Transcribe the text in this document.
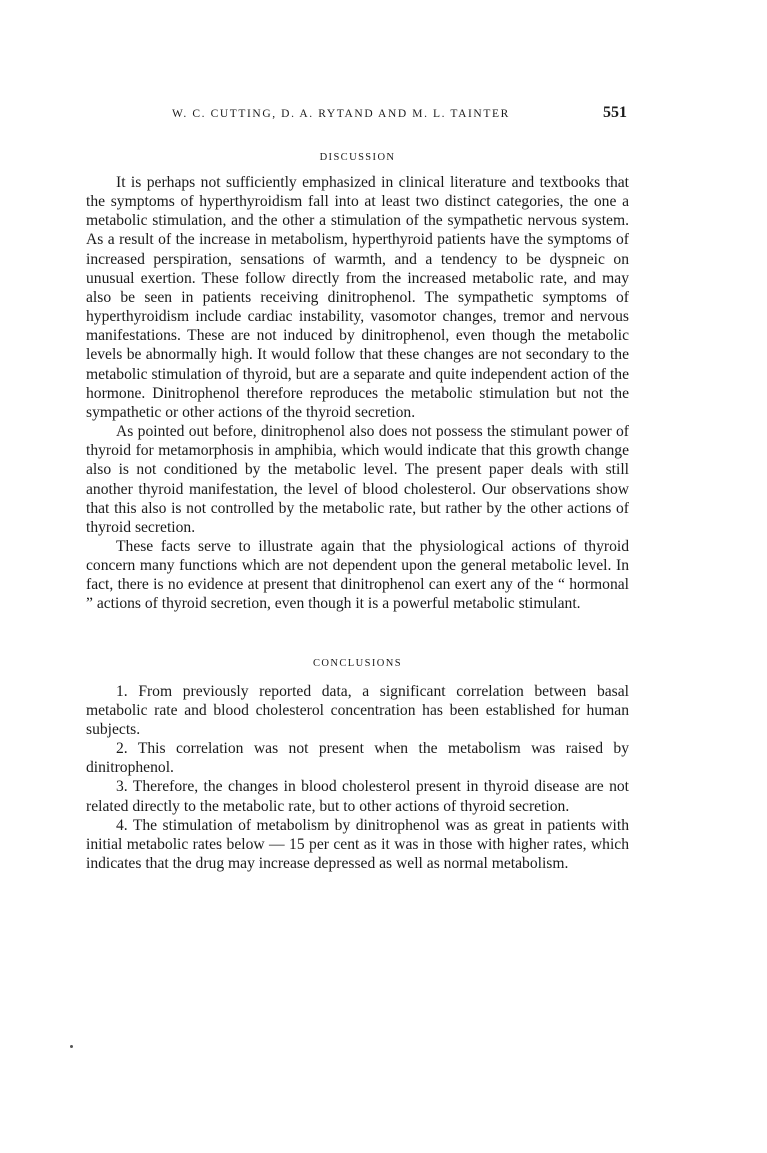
W. C. CUTTING, D. A. RYTAND AND M. L. TAINTER	551
DISCUSSION

It is perhaps not sufficiently emphasized in clinical literature and textbooks that the symptoms of hyperthyroidism fall into at least two distinct categories, the one a metabolic stimulation, and the other a stimulation of the sympathetic nervous system. As a result of the increase in metabolism, hyperthyroid patients have the symptoms of increased perspiration, sensations of warmth, and a tendency to be dyspneic on unusual exertion. These follow directly from the increased metabolic rate, and may also be seen in patients receiving dinitrophenol. The sympathetic symptoms of hyperthyroidism include cardiac instability, vasomotor changes, tremor and nervous manifestations. These are not induced by dinitrophenol, even though the metabolic levels be abnormally high. It would follow that these changes are not secondary to the metabolic stimulation of thyroid, but are a separate and quite independent action of the hormone. Dinitrophenol therefore reproduces the metabolic stimulation but not the sympathetic or other actions of the thyroid secretion.

As pointed out before, dinitrophenol also does not possess the stimulant power of thyroid for metamorphosis in amphibia, which would indicate that this growth change also is not conditioned by the metabolic level. The present paper deals with still another thyroid manifestation, the level of blood cholesterol. Our observations show that this also is not controlled by the metabolic rate, but rather by the other actions of thyroid secretion.

These facts serve to illustrate again that the physiological actions of thyroid concern many functions which are not dependent upon the general metabolic level. In fact, there is no evidence at present that dinitrophenol can exert any of the “ hormonal ” actions of thyroid secretion, even though it is a powerful metabolic stimulant.

CONCLUSIONS

1. From previously reported data, a significant correlation between basal metabolic rate and blood cholesterol concentration has been established for human subjects.

2. This correlation was not present when the metabolism was raised by dinitrophenol.

3. Therefore, the changes in blood cholesterol present in thyroid disease are not related directly to the metabolic rate, but to other actions of thyroid secretion.

4. The stimulation of metabolism by dinitrophenol was as great in patients with initial metabolic rates below — 15 per cent as it was in those with higher rates, which indicates that the drug may increase depressed as well as normal metabolism.
